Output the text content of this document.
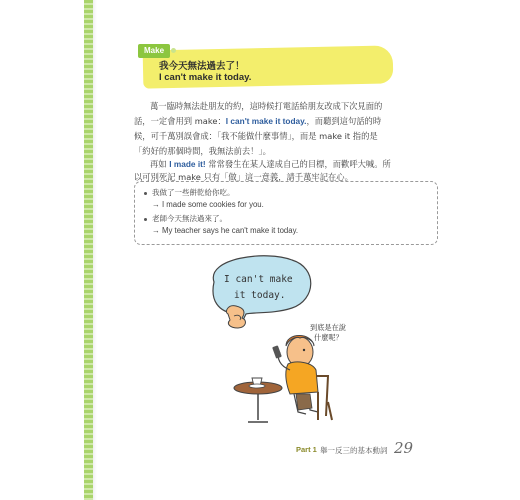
Make
我今天無法過去了！
I can't make it today.
萬一臨時無法赴朋友的約，這時候打電話給朋友改成下次見面的
話，一定會用到 make：I can't make it today.，而聽到這句話的時
候，可千萬別誤會成：「我不能做什麼事情」，而是 make it 指的是
「約好的那個時間，我無法前去！」。
再如 I made it! 常常發生在某人達成自己的目標，而歡呼大喊。所
以可別死記 make 只有「做」這一意義，請千萬牢記在心。
我做了一些餅乾給你吃。
→ I made some cookies for you.
老師今天無法過來了。
→ My teacher says he can't make it today.
I can't make
it today.
到底是在說
什麼呢？
Part 1 舉一反三的基本動詞 29
